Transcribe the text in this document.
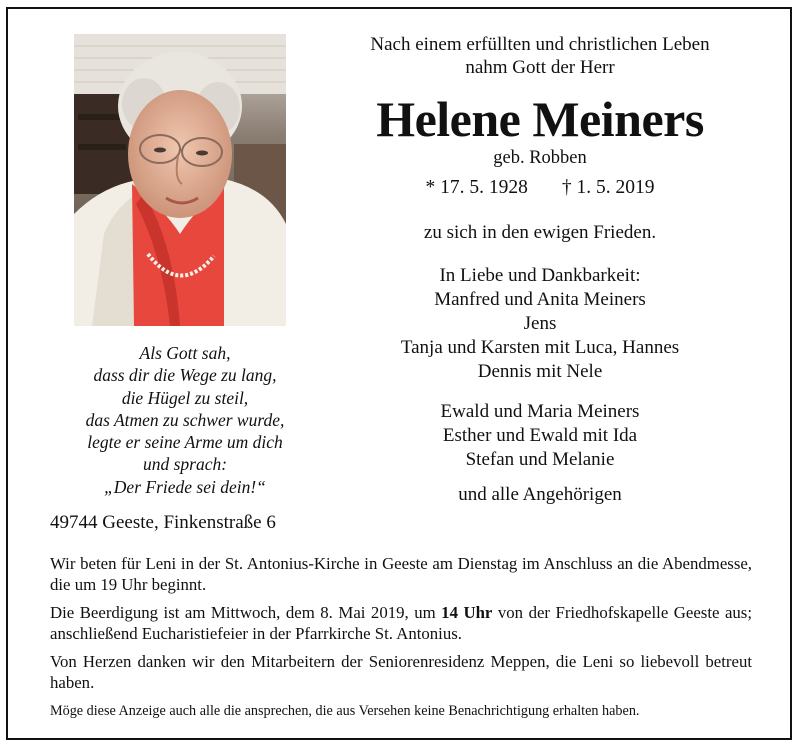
Als Gott sah,
dass dir die Wege zu lang,
die Hügel zu steil,
das Atmen zu schwer wurde,
legte er seine Arme um dich
und sprach:
„Der Friede sei dein!“
Nach einem erfüllten und christlichen Leben
nahm Gott der Herr
Helene Meiners
geb. Robben
* 17. 5. 1928 † 1. 5. 2019
zu sich in den ewigen Frieden.
In Liebe und Dankbarkeit:
Manfred und Anita Meiners
Jens
Tanja und Karsten mit Luca, Hannes
Dennis mit Nele
Ewald und Maria Meiners
Esther und Ewald mit Ida
Stefan und Melanie
und alle Angehörigen
49744 Geeste, Finkenstraße 6
Wir beten für Leni in der St. Antonius-Kirche in Geeste am Dienstag im Anschluss an die Abendmesse, die um 19 Uhr beginnt.
Die Beerdigung ist am Mittwoch, dem 8. Mai 2019, um 14 Uhr von der Friedhofskapelle Geeste aus; anschließend Eucharistiefeier in der Pfarrkirche St. Antonius.
Von Herzen danken wir den Mitarbeitern der Seniorenresidenz Meppen, die Leni so liebevoll betreut haben.
Möge diese Anzeige auch alle die ansprechen, die aus Versehen keine Benachrichtigung erhalten haben.
